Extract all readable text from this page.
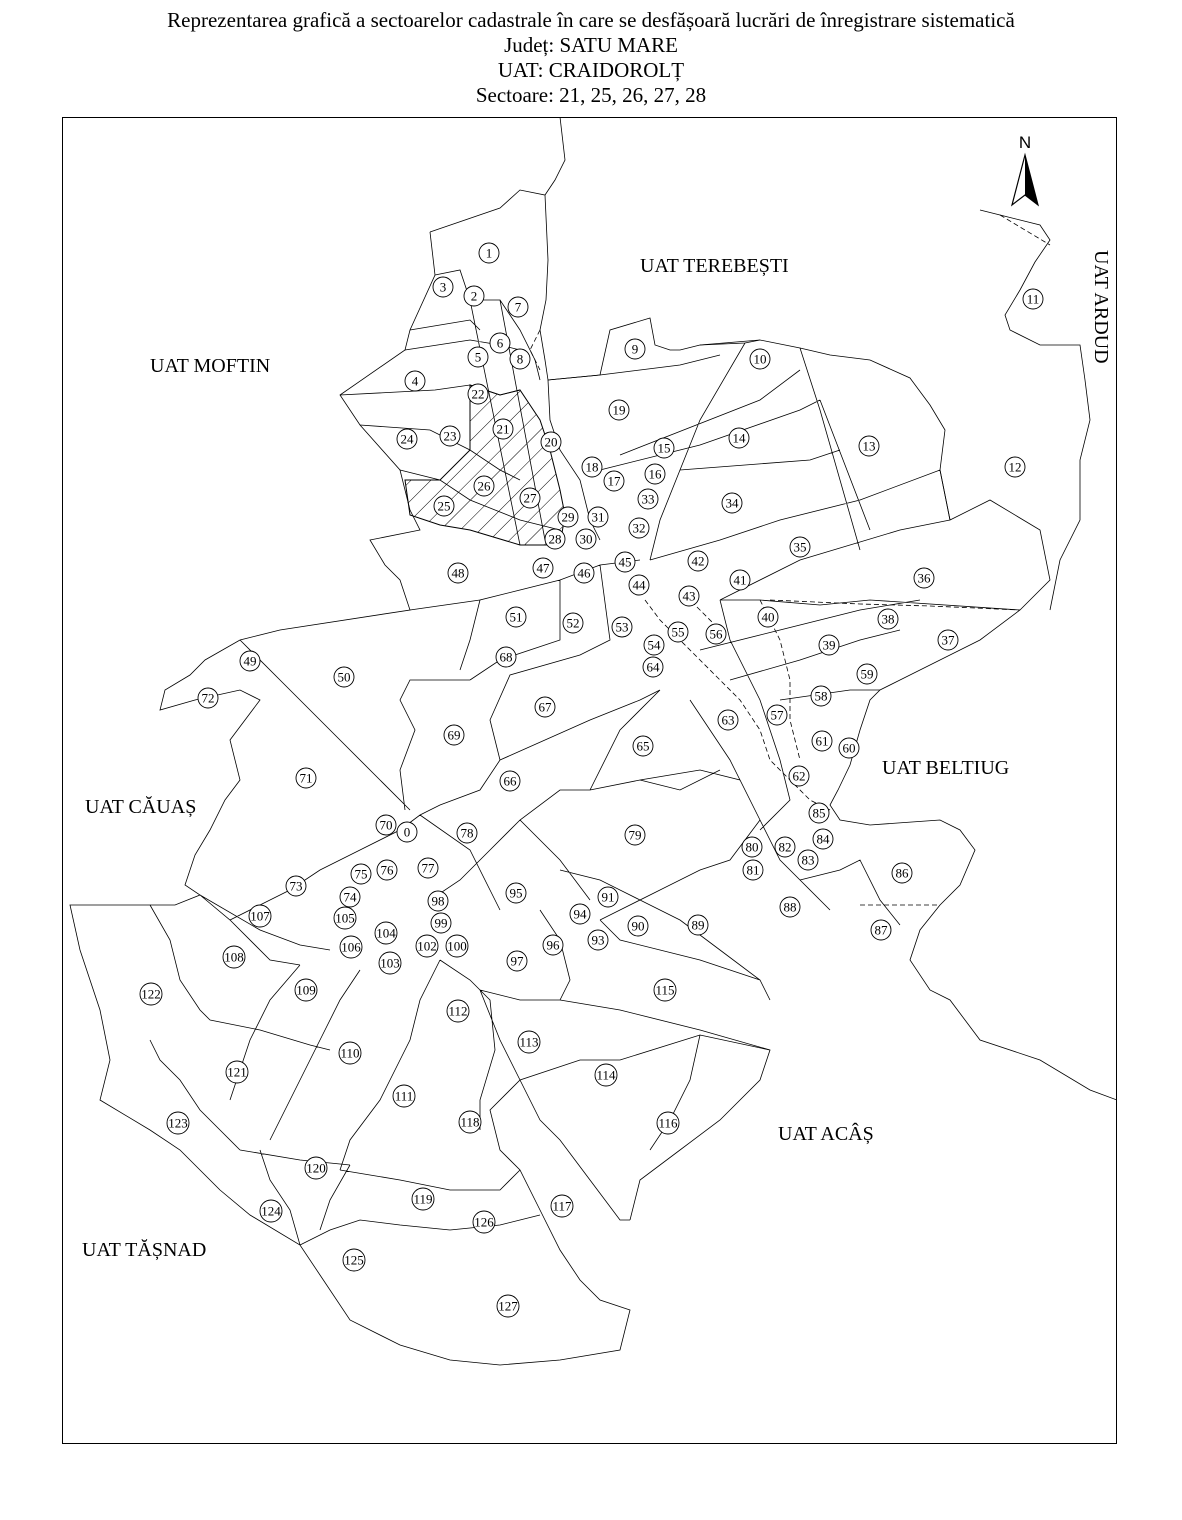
Reprezentarea grafică a sectoarelor cadastrale în care se desfășoară lucrări de înregistrare sistematică
Județ: SATU MARE
UAT: CRAIDOROLȚ
Sectoare: 21, 25, 26, 27, 28
N
UAT TEREBEȘTI
UAT MOFTIN
UAT ARDUD
UAT BELTIUG
UAT CĂUAȘ
UAT ACÂȘ
UAT TĂȘNAD
1
2
3
4
5
6
7
8
9
10
11
12
13
14
15
16
17
18
19
20
21
22
23
24
25
26
27
28
29
30
31
32
33	34
35
36
37
38
39
40
41
42
43
44
45
46
47
48
49
50
51	52	53
54
55 56
57
58
59
60
61
62
63
64
65
66
67
68
69
70 0
71
72
73
74
75 76 77
78	79
80
81
82
83
84
85
86
87
88
89
90
91
93
94
95
96
97
98
99
100
102
103
104
105
106
107
108
109
110
111
112
113
114
115
116
117
118
119
120
121
122
123
124
125
126
127
